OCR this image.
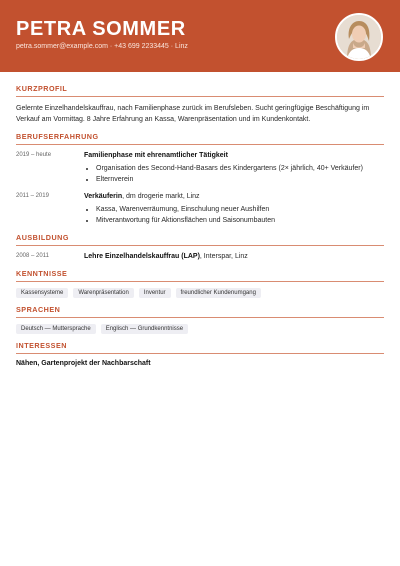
PETRA SOMMER
petra.sommer@example.com · +43 699 2233445 · Linz
KURZPROFIL

Gelernte Einzelhandelskauffrau, nach Familienphase zurück im Berufsleben. Sucht geringfügige Beschäftigung im Verkauf am Vormittag. 8 Jahre Erfahrung an Kassa, Warenpräsentation und im Kundenkontakt.

BERUFSERFAHRUNG
2019 – heute	Familienphase mit ehrenamtlicher Tätigkeit
• Organisation des Second-Hand-Basars des Kindergartens (2× jährlich, 40+ Verkäufer)
• Elternverein
2011 – 2019	Verkäuferin, dm drogerie markt, Linz
• Kassa, Warenverräumung, Einschulung neuer Aushilfen
• Mitverantwortung für Aktionsflächen und Saisonumbauten
AUSBILDUNG
2008 – 2011	Lehre Einzelhandelskauffrau (LAP), Interspar, Linz
KENNTNISSE
Kassensysteme	Warenpräsentation	Inventur	freundlicher Kundenumgang
SPRACHEN
Deutsch — Muttersprache	Englisch — Grundkenntnisse
INTERESSEN
Nähen, Gartenprojekt der Nachbarschaft
